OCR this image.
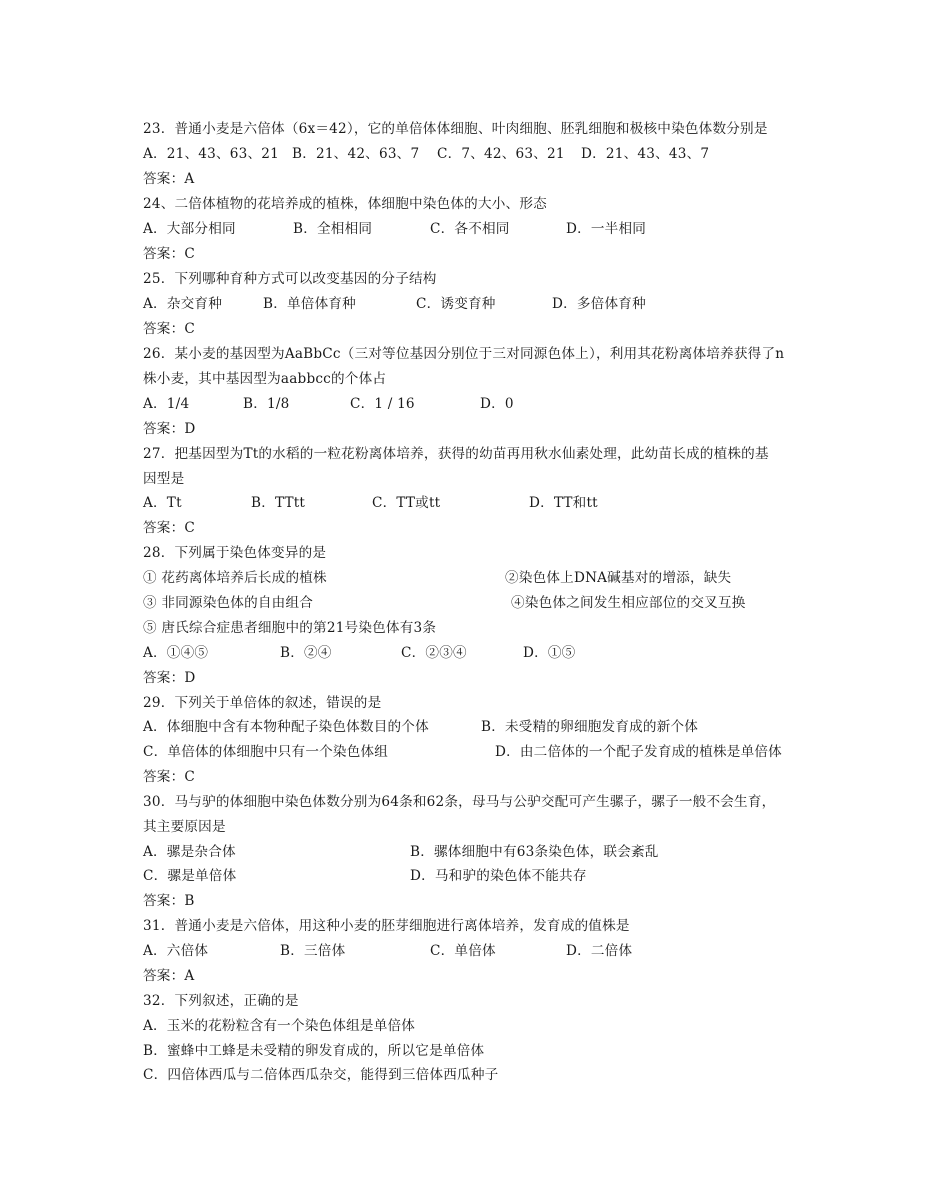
23．普通小麦是六倍体（6x＝42），它的单倍体体细胞、叶肉细胞、胚乳细胞和极核中染色体数分别是
A．21、43、63、21 B．21、42、63、7 C．7、42、63、21 D．21、43、43、7
答案：A
24、二倍体植物的花培养成的植株，体细胞中染色体的大小、形态
A．大部分相同	B．全相相同	C．各不相同	D．一半相同
答案：C
25．下列哪种育种方式可以改变基因的分子结构
A．杂交育种	B．单倍体育种	C．诱变育种	D．多倍体育种
答案：C
26．某小麦的基因型为AaBbCc（三对等位基因分别位于三对同源色体上），利用其花粉离体培养获得了n
株小麦，其中基因型为aabbcc的个体占
A．1/4	B．1/8	C．1 / 16	D．0
答案：D
27．把基因型为Tt的水稻的一粒花粉离体培养，获得的幼苗再用秋水仙素处理，此幼苗长成的植株的基
因型是
A．Tt	B．TTtt	C．TT或tt	D．TT和tt
答案：C
28．下列属于染色体变异的是
① 花药离体培养后长成的植株	②染色体上DNA碱基对的增添，缺失
③ 非同源染色体的自由组合	④染色体之间发生相应部位的交叉互换
⑤ 唐氏综合症患者细胞中的第21号染色体有3条
A．①④⑤	B．②④	C．②③④	D．①⑤
答案：D
29．下列关于单倍体的叙述，错误的是
A．体细胞中含有本物种配子染色体数目的个体	B．未受精的卵细胞发育成的新个体
C．单倍体的体细胞中只有一个染色体组	D．由二倍体的一个配子发育成的植株是单倍体
答案：C
30．马与驴的体细胞中染色体数分别为64条和62条，母马与公驴交配可产生骡子，骡子一般不会生育，
其主要原因是
A．骡是杂合体	B．骡体细胞中有63条染色体，联会紊乱
C．骡是单倍体	D．马和驴的染色体不能共存
答案：B
31．普通小麦是六倍体，用这种小麦的胚芽细胞进行离体培养，发育成的值株是
A．六倍体	B．三倍体	C．单倍体	D．二倍体
答案：A
32．下列叙述，正确的是
A．玉米的花粉粒含有一个染色体组是单倍体
B．蜜蜂中工蜂是未受精的卵发育成的，所以它是单倍体
C．四倍体西瓜与二倍体西瓜杂交，能得到三倍体西瓜种子
